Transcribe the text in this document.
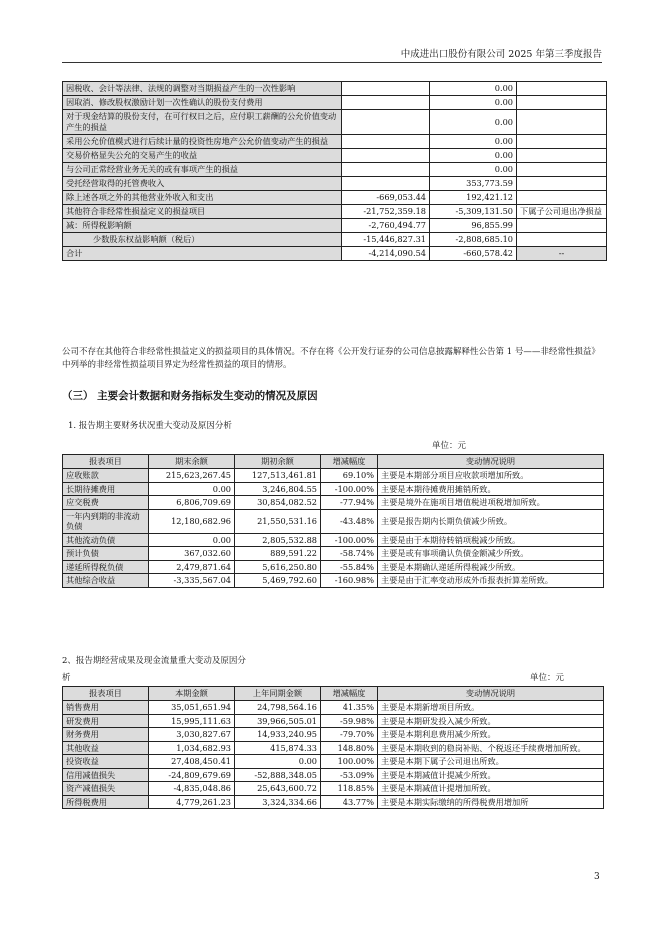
中成进出口股份有限公司 2025 年第三季度报告
因税收、会计等法律、法规的调整对当期损益产生的一次性影响		0.00	
因取消、修改股权激励计划一次性确认的股份支付费用		0.00	
对于现金结算的股份支付，在可行权日之后，应付职工薪酬的公允价值变动产生的损益		0.00	
采用公允价值模式进行后续计量的投资性房地产公允价值变动产生的损益		0.00	
交易价格显失公允的交易产生的收益		0.00	
与公司正常经营业务无关的或有事项产生的损益		0.00	
受托经营取得的托管费收入		353,773.59	
除上述各项之外的其他营业外收入和支出	-669,053.44	192,421.12	
其他符合非经常性损益定义的损益项目	-21,752,359.18	-5,309,131.50	下属子公司退出净损益
减：所得税影响额	-2,760,494.77	96,855.99	
少数股东权益影响额（税后）	-15,446,827.31	-2,808,685.10	
合计	-4,214,090.54	-660,578.42	--
公司不存在其他符合非经常性损益定义的损益项目的具体情况。不存在将《公开发行证券的公司信息披露解释性公告第 1 号——非经常性损益》中列举的非经常性损益项目界定为经常性损益的项目的情形。
（三） 主要会计数据和财务指标发生变动的情况及原因
1. 报告期主要财务状况重大变动及原因分析
单位：元
报表项目	期末余额	期初余额	增减幅度	变动情况说明
应收账款	215,623,267.45	127,513,461.81	69.10%	主要是本期部分项目应收款项增加所致。
长期待摊费用	0.00	3,246,804.55	-100.00%	主要是本期待摊费用摊销所致。
应交税费	6,806,709.69	30,854,082.52	-77.94%	主要是境外在施项目增值税进项税增加所致。
一年内到期的非流动负债	12,180,682.96	21,550,531.16	-43.48%	主要是报告期内长期负债减少所致。
其他流动负债	0.00	2,805,532.88	-100.00%	主要是由于本期待转销项税减少所致。
预计负债	367,032.60	889,591.22	-58.74%	主要是或有事项确认负债金额减少所致。
递延所得税负债	2,479,871.64	5,616,250.80	-55.84%	主要是本期确认递延所得税减少所致。
其他综合收益	-3,335,567.04	5,469,792.60	-160.98%	主要是由于汇率变动形成外币报表折算差所致。
2、报告期经营成果及现金流量重大变动及原因分
析	单位：元
报表项目	本期金额	上年同期金额	增减幅度	变动情况说明
销售费用	35,051,651.94	24,798,564.16	41.35%	主要是本期新增项目所致。
研发费用	15,995,111.63	39,966,505.01	-59.98%	主要是本期研发投入减少所致。
财务费用	3,030,827.67	14,933,240.95	-79.70%	主要是本期利息费用减少所致。
其他收益	1,034,682.93	415,874.33	148.80%	主要是本期收到的稳岗补贴、个税返还手续费增加所致。
投资收益	27,408,450.41	0.00	100.00%	主要是本期下属子公司退出所致。
信用减值损失	-24,809,679.69	-52,888,348.05	-53.09%	主要是本期减值计提减少所致。
资产减值损失	-4,835,048.86	25,643,600.72	118.85%	主要是本期减值计提增加所致。
所得税费用	4,779,261.23	3,324,334.66	43.77%	主要是本期实际缴纳的所得税费用增加所
3
